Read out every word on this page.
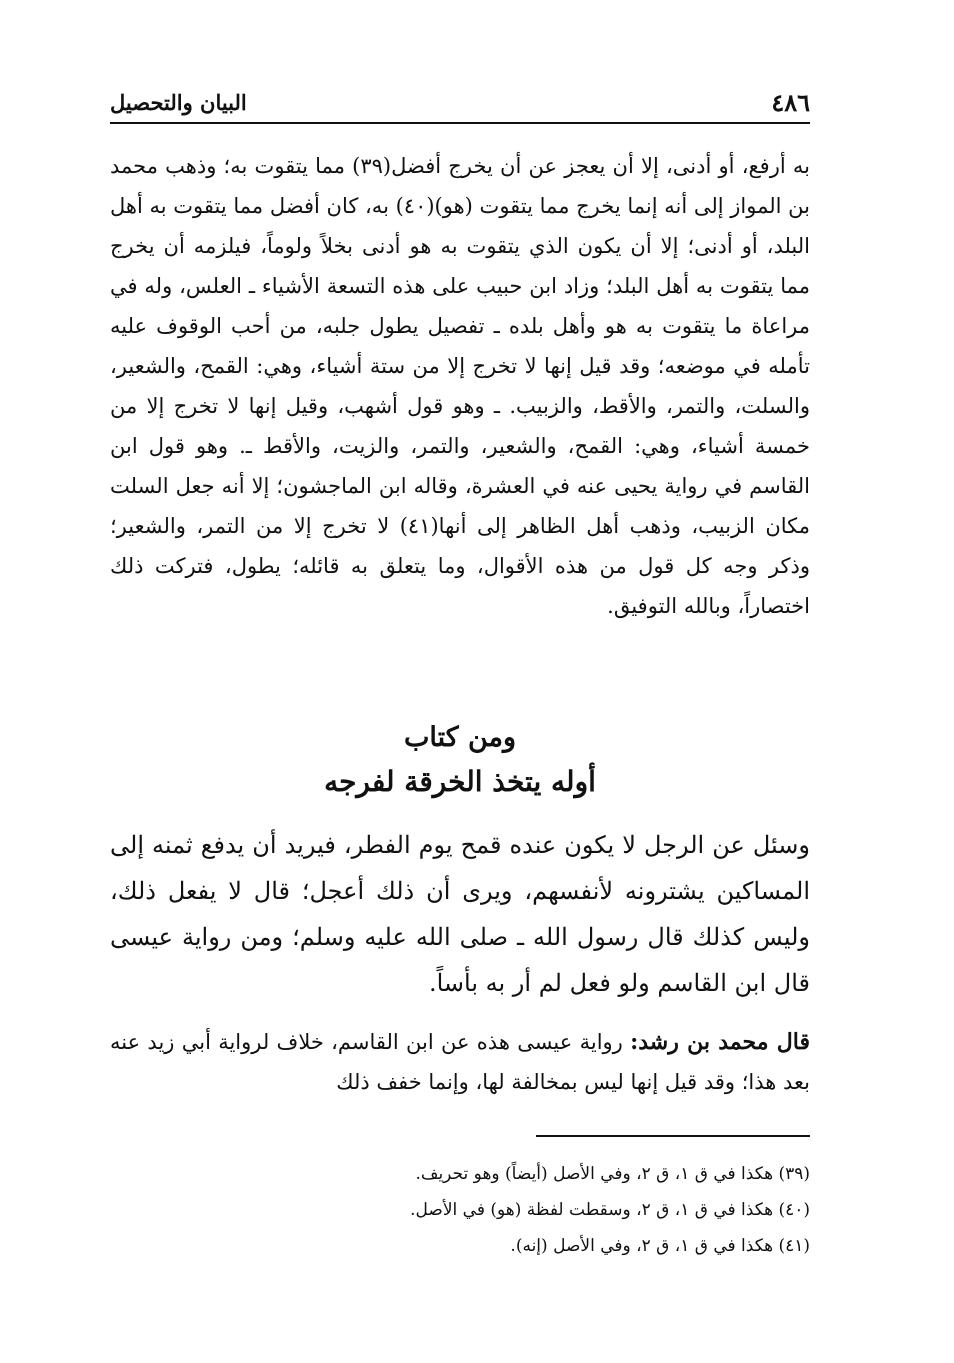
٤٨٦
البيان والتحصيل

به أرفع، أو أدنى، إلا أن يعجز عن أن يخرج أفضل(٣٩) مما يتقوت به؛ وذهب محمد بن المواز إلى أنه إنما يخرج مما يتقوت (هو)(٤٠) به، كان أفضل مما يتقوت به أهل البلد، أو أدنى؛ إلا أن يكون الذي يتقوت به هو أدنى بخلاً ولوماً، فيلزمه أن يخرج مما يتقوت به أهل البلد؛ وزاد ابن حبيب على هذه التسعة الأشياء ـ العلس، وله في مراعاة ما يتقوت به هو وأهل بلده ـ تفصيل يطول جلبه، من أحب الوقوف عليه تأمله في موضعه؛ وقد قيل إنها لا تخرج إلا من ستة أشياء، وهي: القمح، والشعير، والسلت، والتمر، والأقط، والزبيب. ـ وهو قول أشهب، وقيل إنها لا تخرج إلا من خمسة أشياء، وهي: القمح، والشعير، والتمر، والزيت، والأقط ـ. وهو قول ابن القاسم في رواية يحيى عنه في العشرة، وقاله ابن الماجشون؛ إلا أنه جعل السلت مكان الزبيب، وذهب أهل الظاهر إلى أنها(٤١) لا تخرج إلا من التمر، والشعير؛ وذكر وجه كل قول من هذه الأقوال، وما يتعلق به قائله؛ يطول، فتركت ذلك اختصاراً، وبالله التوفيق.

ومن كتاب
أوله يتخذ الخرقة لفرجه

وسئل عن الرجل لا يكون عنده قمح يوم الفطر، فيريد أن يدفع ثمنه إلى المساكين يشترونه لأنفسهم، ويرى أن ذلك أعجل؛ قال لا يفعل ذلك، وليس كذلك قال رسول الله ـ صلى الله عليه وسلم؛ ومن رواية عيسى قال ابن القاسم ولو فعل لم أر به بأساً.

قال محمد بن رشد: رواية عيسى هذه عن ابن القاسم، خلاف لرواية أبي زيد عنه بعد هذا؛ وقد قيل إنها ليس بمخالفة لها، وإنما خفف ذلك

(٣٩) هكذا في ق ١، ق ٢، وفي الأصل (أيضاً) وهو تحريف.

(٤٠) هكذا في ق ١، ق ٢، وسقطت لفظة (هو) في الأصل.

(٤١) هكذا في ق ١، ق ٢، وفي الأصل (إنه).
